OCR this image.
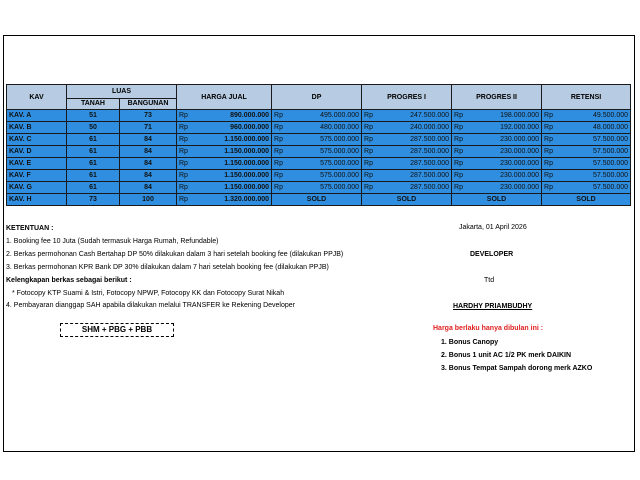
KAV	LUAS		HARGA JUAL		DP		PROGRES I		PROGRES II		RETENSI	
	TANAH	BANGUNAN										
KAV. A	51	73	Rp	890.000.000	Rp	495.000.000	Rp	247.500.000	Rp	198.000.000	Rp	49.500.000
KAV. B	50	71	Rp	960.000.000	Rp	480.000.000	Rp	240.000.000	Rp	192.000.000	Rp	48.000.000
KAV. C	61	84	Rp	1.150.000.000	Rp	575.000.000	Rp	287.500.000	Rp	230.000.000	Rp	57.500.000
KAV. D	61	84	Rp	1.150.000.000	Rp	575.000.000	Rp	287.500.000	Rp	230.000.000	Rp	57.500.000
KAV. E	61	84	Rp	1.150.000.000	Rp	575.000.000	Rp	287.500.000	Rp	230.000.000	Rp	57.500.000
KAV. F	61	84	Rp	1.150.000.000	Rp	575.000.000	Rp	287.500.000	Rp	230.000.000	Rp	57.500.000
KAV. G	61	84	Rp	1.150.000.000	Rp	575.000.000	Rp	287.500.000	Rp	230.000.000	Rp	57.500.000
KAV. H	73	100	Rp	1.320.000.000	SOLD		SOLD		SOLD		SOLD	
KETENTUAN :
1. Booking fee 10 Juta (Sudah termasuk Harga Rumah, Refundable)
2. Berkas permohonan Cash Bertahap DP 50% dilakukan dalam 3 hari setelah booking fee (dilakukan PPJB)
3. Berkas permohonan KPR Bank DP 30% dilakukan dalam 7 hari setelah booking fee (dilakukan PPJB)
Kelengkapan berkas sebagai berikut :
* Fotocopy KTP Suami & Istri, Fotocopy NPWP, Fotocopy KK dan Fotocopy Surat Nikah
4. Pembayaran dianggap SAH apabila dilakukan melalui TRANSFER ke Rekening Developer
SHM + PBG + PBB
Jakarta, 01 April 2026
DEVELOPER
Ttd
HARDHY PRIAMBUDHY
Harga berlaku hanya dibulan ini :
1. Bonus Canopy
2. Bonus 1 unit AC 1/2 PK merk DAIKIN
3. Bonus Tempat Sampah dorong merk AZKO
